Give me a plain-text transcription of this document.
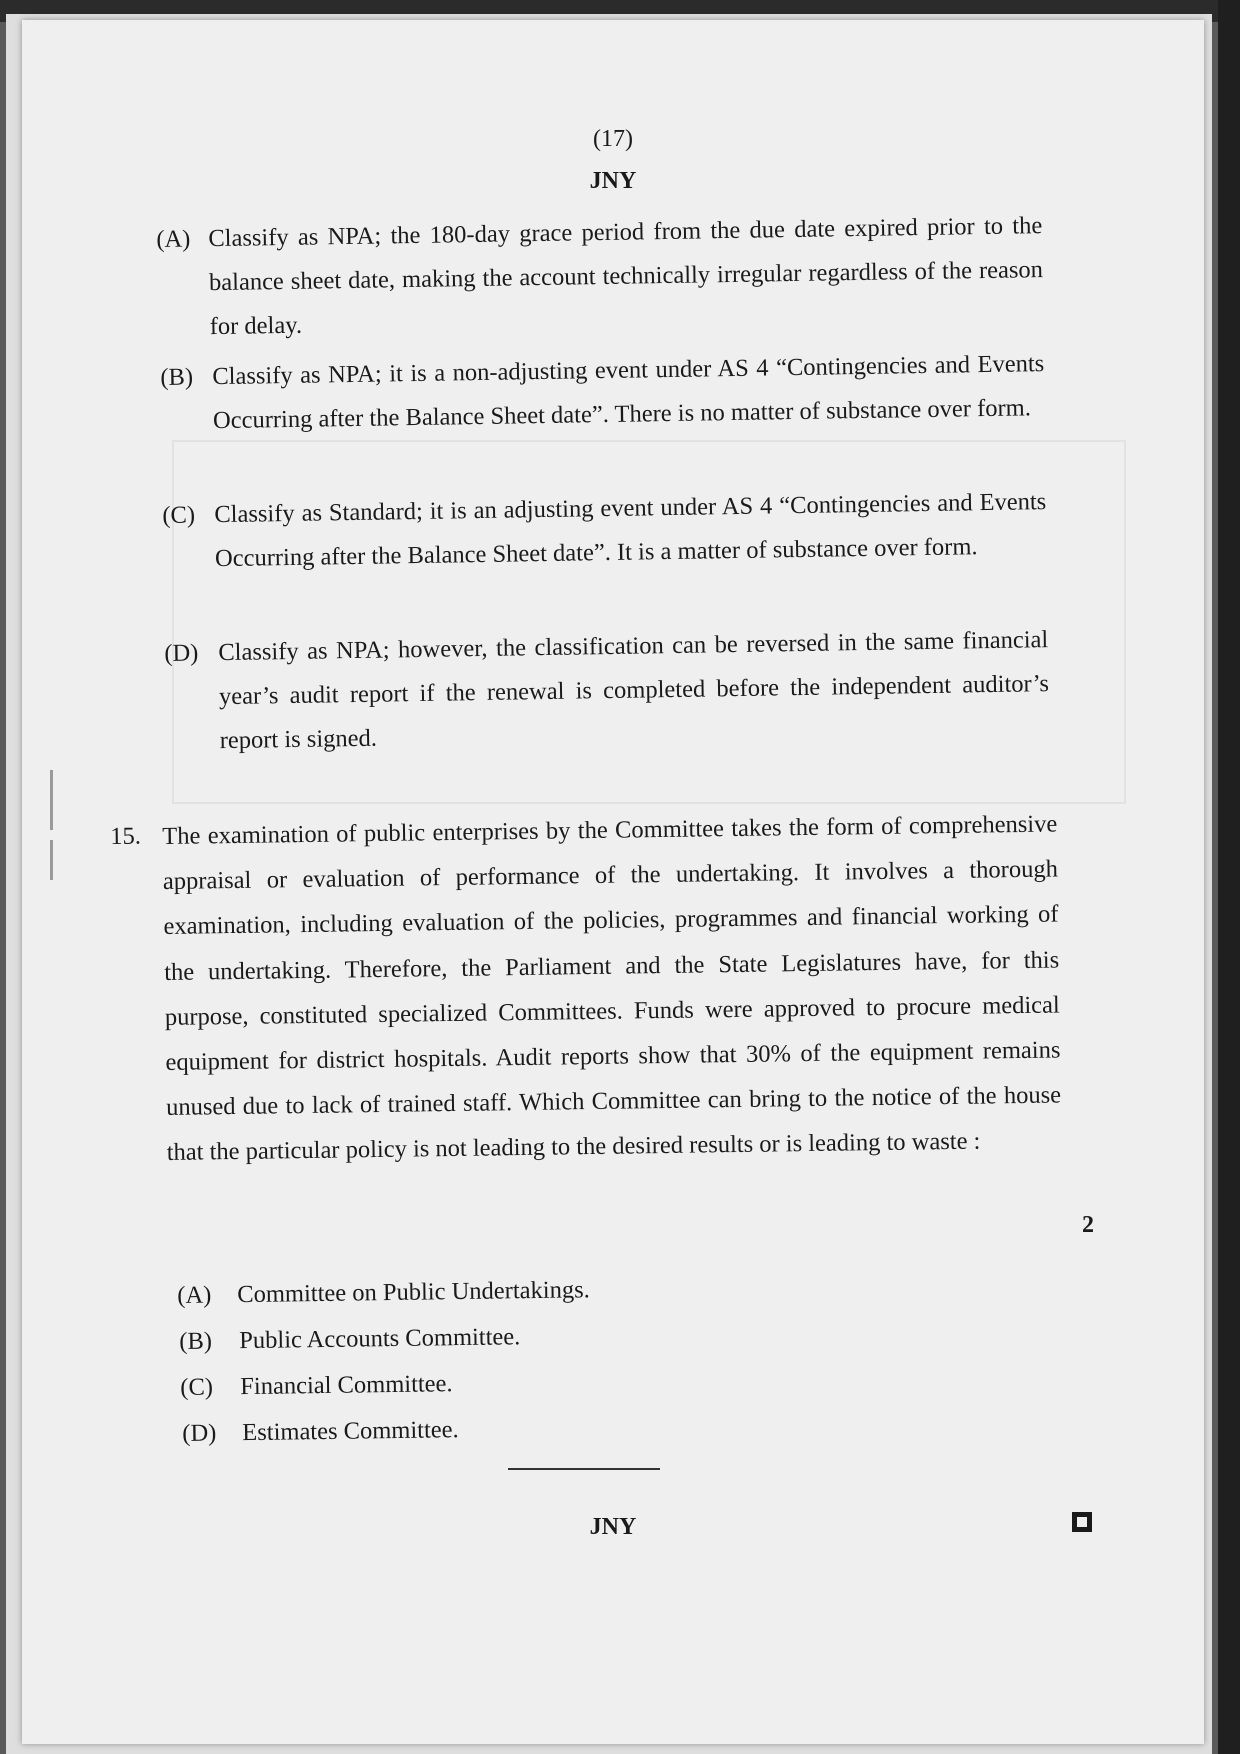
(17)
JNY
(A) Classify as NPA; the 180-day grace period from the due date expired prior to the balance sheet date, making the account technically irregular regardless of the reason for delay.
(B) Classify as NPA; it is a non-adjusting event under AS 4 “Contingencies and Events Occurring after the Balance Sheet date”. There is no matter of substance over form.
(C) Classify as Standard; it is an adjusting event under AS 4 “Contingencies and Events Occurring after the Balance Sheet date”. It is a matter of substance over form.
(D) Classify as NPA; however, the classification can be reversed in the same financial year’s audit report if the renewal is completed before the independent auditor’s report is signed.
15. The examination of public enterprises by the Committee takes the form of comprehensive appraisal or evaluation of performance of the undertaking. It involves a thorough examination, including evaluation of the policies, programmes and financial working of the undertaking. Therefore, the Parliament and the State Legislatures have, for this purpose, constituted specialized Committees. Funds were approved to procure medical equipment for district hospitals. Audit reports show that 30% of the equipment remains unused due to lack of trained staff. Which Committee can bring to the notice of the house that the particular policy is not leading to the desired results or is leading to waste :
2
(A) Committee on Public Undertakings.
(B) Public Accounts Committee.
(C) Financial Committee.
(D) Estimates Committee.
JNY
